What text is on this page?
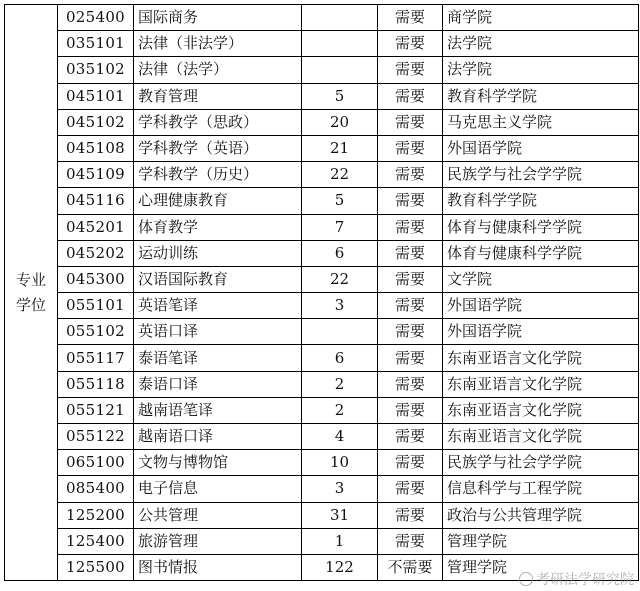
专业学位	025400	国际商务		需要	商学院
	035101	法律（非法学）		需要	法学院
	035102	法律（法学）		需要	法学院
	045101	教育管理	5	需要	教育科学学院
	045102	学科教学（思政）	20	需要	马克思主义学院
	045108	学科教学（英语）	21	需要	外国语学院
	045109	学科教学（历史）	22	需要	民族学与社会学学院
	045116	心理健康教育	5	需要	教育科学学院
	045201	体育教学	7	需要	体育与健康科学学院
	045202	运动训练	6	需要	体育与健康科学学院
	045300	汉语国际教育	22	需要	文学院
	055101	英语笔译	3	需要	外国语学院
	055102	英语口译		需要	外国语学院
	055117	泰语笔译	6	需要	东南亚语言文化学院
	055118	泰语口译	2	需要	东南亚语言文化学院
	055121	越南语笔译	2	需要	东南亚语言文化学院
	055122	越南语口译	4	需要	东南亚语言文化学院
	065100	文物与博物馆	10	需要	民族学与社会学学院
	085400	电子信息	3	需要	信息科学与工程学院
	125200	公共管理	31	需要	政治与公共管理学院
	125400	旅游管理	1	需要	管理学院
	125500	图书情报	122	不需要	管理学院
考研法学研究院
